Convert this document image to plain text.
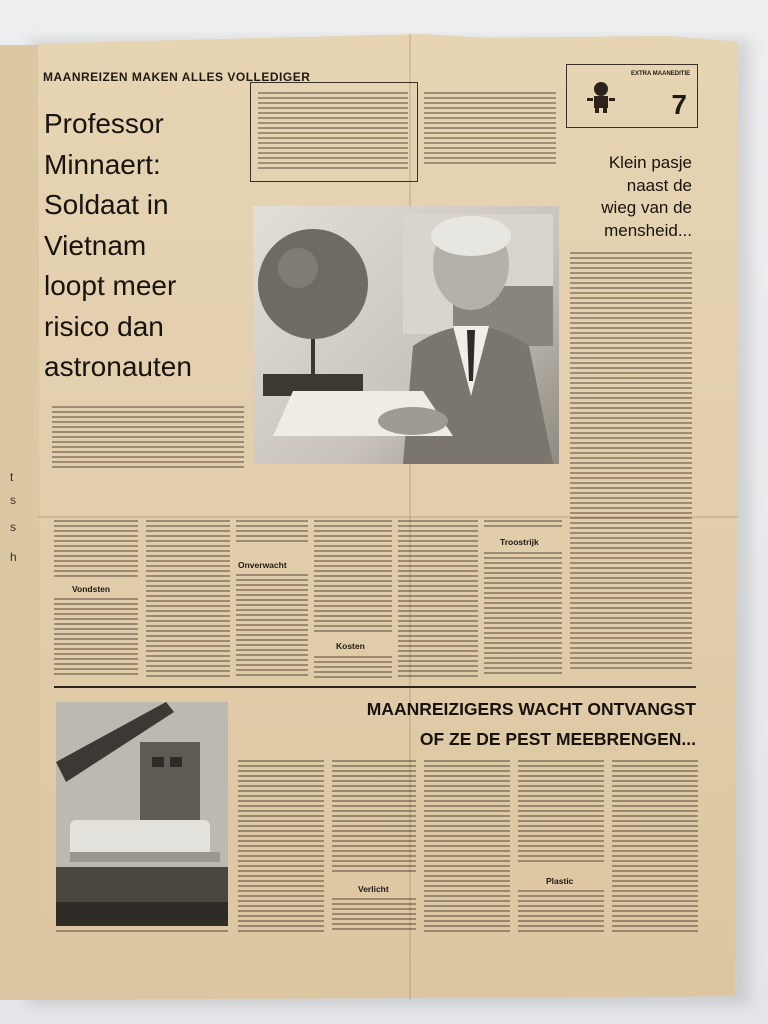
t
s
s
h
MAANREIZEN MAKEN ALLES VOLLEDIGER
Professor
Minnaert:
Soldaat in
Vietnam
loopt meer
risico dan
astronauten
EXTRA MAANEDITIE
7
Klein pasje
naast de
wieg van de
mensheid...
Vondsten
Onverwacht
Kosten
Troostrijk
MAANREIZIGERS WACHT ONTVANGST
OF ZE DE PEST MEEBRENGEN...
Verlicht
Plastic
